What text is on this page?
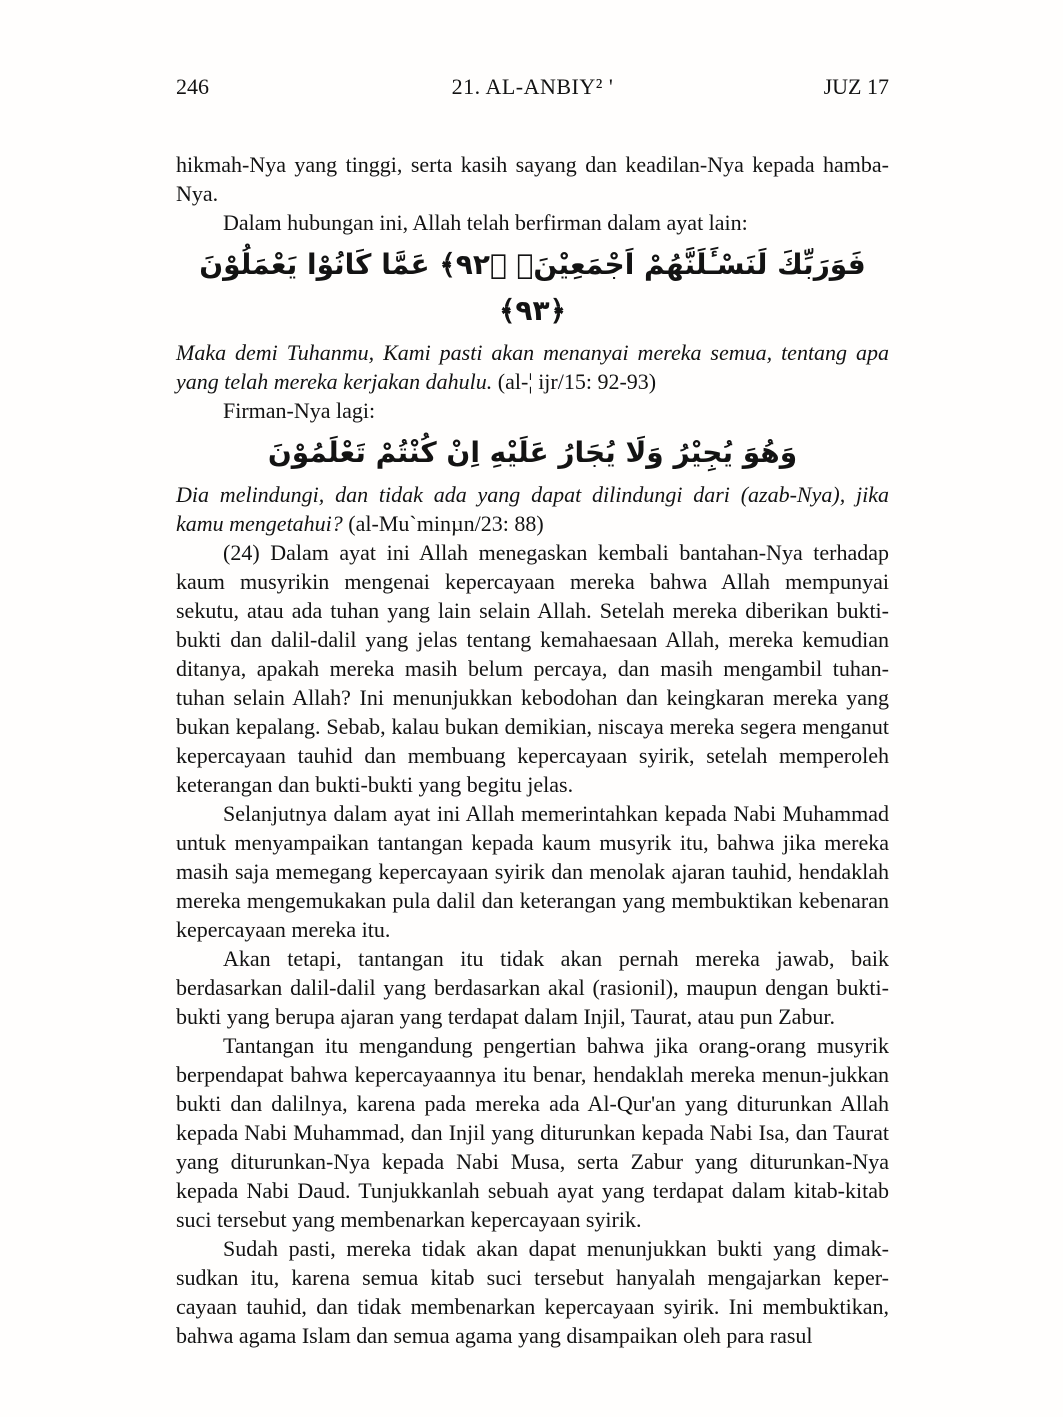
246	21. AL-ANBIY² '	JUZ 17

hikmah-Nya yang tinggi, serta kasih sayang dan keadilan-Nya kepada hamba-Nya.

Dalam hubungan ini, Allah telah berfirman dalam ayat lain:

فَوَرَبِّكَ لَنَسْـَٔلَنَّهُمْ اَجْمَعِيْنَۙ ﴿٩٢﴾ عَمَّا كَانُوْا يَعْمَلُوْنَ ﴿٩٣﴾

Maka demi Tuhanmu, Kami pasti akan menanyai mereka semua, tentang apa yang telah mereka kerjakan dahulu. (al-¦ ijr/15: 92-93)

Firman-Nya lagi:

وَهُوَ يُجِيْرُ وَلَا يُجَارُ عَلَيْهِ اِنْ كُنْتُمْ تَعْلَمُوْنَ

Dia melindungi, dan tidak ada yang dapat dilindungi dari (azab-Nya), jika kamu mengetahui? (al-Mu`minµn/23: 88)

(24) Dalam ayat ini Allah menegaskan kembali bantahan-Nya terhadap kaum musyrikin mengenai kepercayaan mereka bahwa Allah mempunyai sekutu, atau ada tuhan yang lain selain Allah. Setelah mereka diberikan bukti-bukti dan dalil-dalil yang jelas tentang kemahaesaan Allah, mereka kemudian ditanya, apakah mereka masih belum percaya, dan masih mengambil tuhan-tuhan selain Allah? Ini menunjukkan kebodohan dan keingkaran mereka yang bukan kepalang. Sebab, kalau bukan demikian, niscaya mereka segera menganut kepercayaan tauhid dan membuang kepercayaan syirik, setelah memperoleh keterangan dan bukti-bukti yang begitu jelas.

Selanjutnya dalam ayat ini Allah memerintahkan kepada Nabi Muhammad untuk menyampaikan tantangan kepada kaum musyrik itu, bahwa jika mereka masih saja memegang kepercayaan syirik dan menolak ajaran tauhid, hendaklah mereka mengemukakan pula dalil dan keterangan yang membuktikan kebenaran kepercayaan mereka itu.

Akan tetapi, tantangan itu tidak akan pernah mereka jawab, baik berdasarkan dalil-dalil yang berdasarkan akal (rasionil), maupun dengan bukti-bukti yang berupa ajaran yang terdapat dalam Injil, Taurat, atau pun Zabur.

Tantangan itu mengandung pengertian bahwa jika orang-orang musyrik berpendapat bahwa kepercayaannya itu benar, hendaklah mereka menun-jukkan bukti dan dalilnya, karena pada mereka ada Al-Qur'an yang diturunkan Allah kepada Nabi Muhammad, dan Injil yang diturunkan kepada Nabi Isa, dan Taurat yang diturunkan-Nya kepada Nabi Musa, serta Zabur yang diturunkan-Nya kepada Nabi Daud. Tunjukkanlah sebuah ayat yang terdapat dalam kitab-kitab suci tersebut yang membenarkan kepercayaan syirik.

Sudah pasti, mereka tidak akan dapat menunjukkan bukti yang dimak-sudkan itu, karena semua kitab suci tersebut hanyalah mengajarkan keper-cayaan tauhid, dan tidak membenarkan kepercayaan syirik. Ini membuktikan, bahwa agama Islam dan semua agama yang disampaikan oleh para rasul
